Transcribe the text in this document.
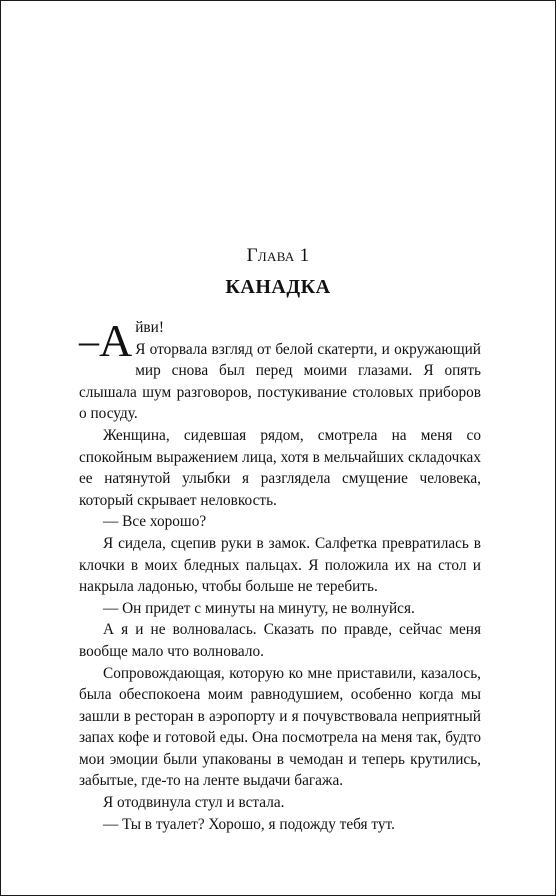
Глава 1
КАНАДКА

–А йви!
Я оторвала взгляд от белой скатерти, и окружающий мир снова был перед моими глазами. Я опять слышала шум разговоров, постукивание столовых приборов о посуду.

Женщина, сидевшая рядом, смотрела на меня со спокойным выражением лица, хотя в мельчайших складочках ее натянутой улыбки я разглядела смущение человека, который скрывает неловкость.

— Все хорошо?

Я сидела, сцепив руки в замок. Салфетка превратилась в клочки в моих бледных пальцах. Я положила их на стол и накрыла ладонью, чтобы больше не теребить.

— Он придет с минуты на минуту, не волнуйся.

А я и не волновалась. Сказать по правде, сейчас меня вообще мало что волновало.

Сопровождающая, которую ко мне приставили, казалось, была обеспокоена моим равнодушием, особенно когда мы зашли в ресторан в аэропорту и я почувствовала неприятный запах кофе и готовой еды. Она посмотрела на меня так, будто мои эмоции были упакованы в чемодан и теперь крутились, забытые, где-то на ленте выдачи багажа.

Я отодвинула стул и встала.

— Ты в туалет? Хорошо, я подожду тебя тут.
